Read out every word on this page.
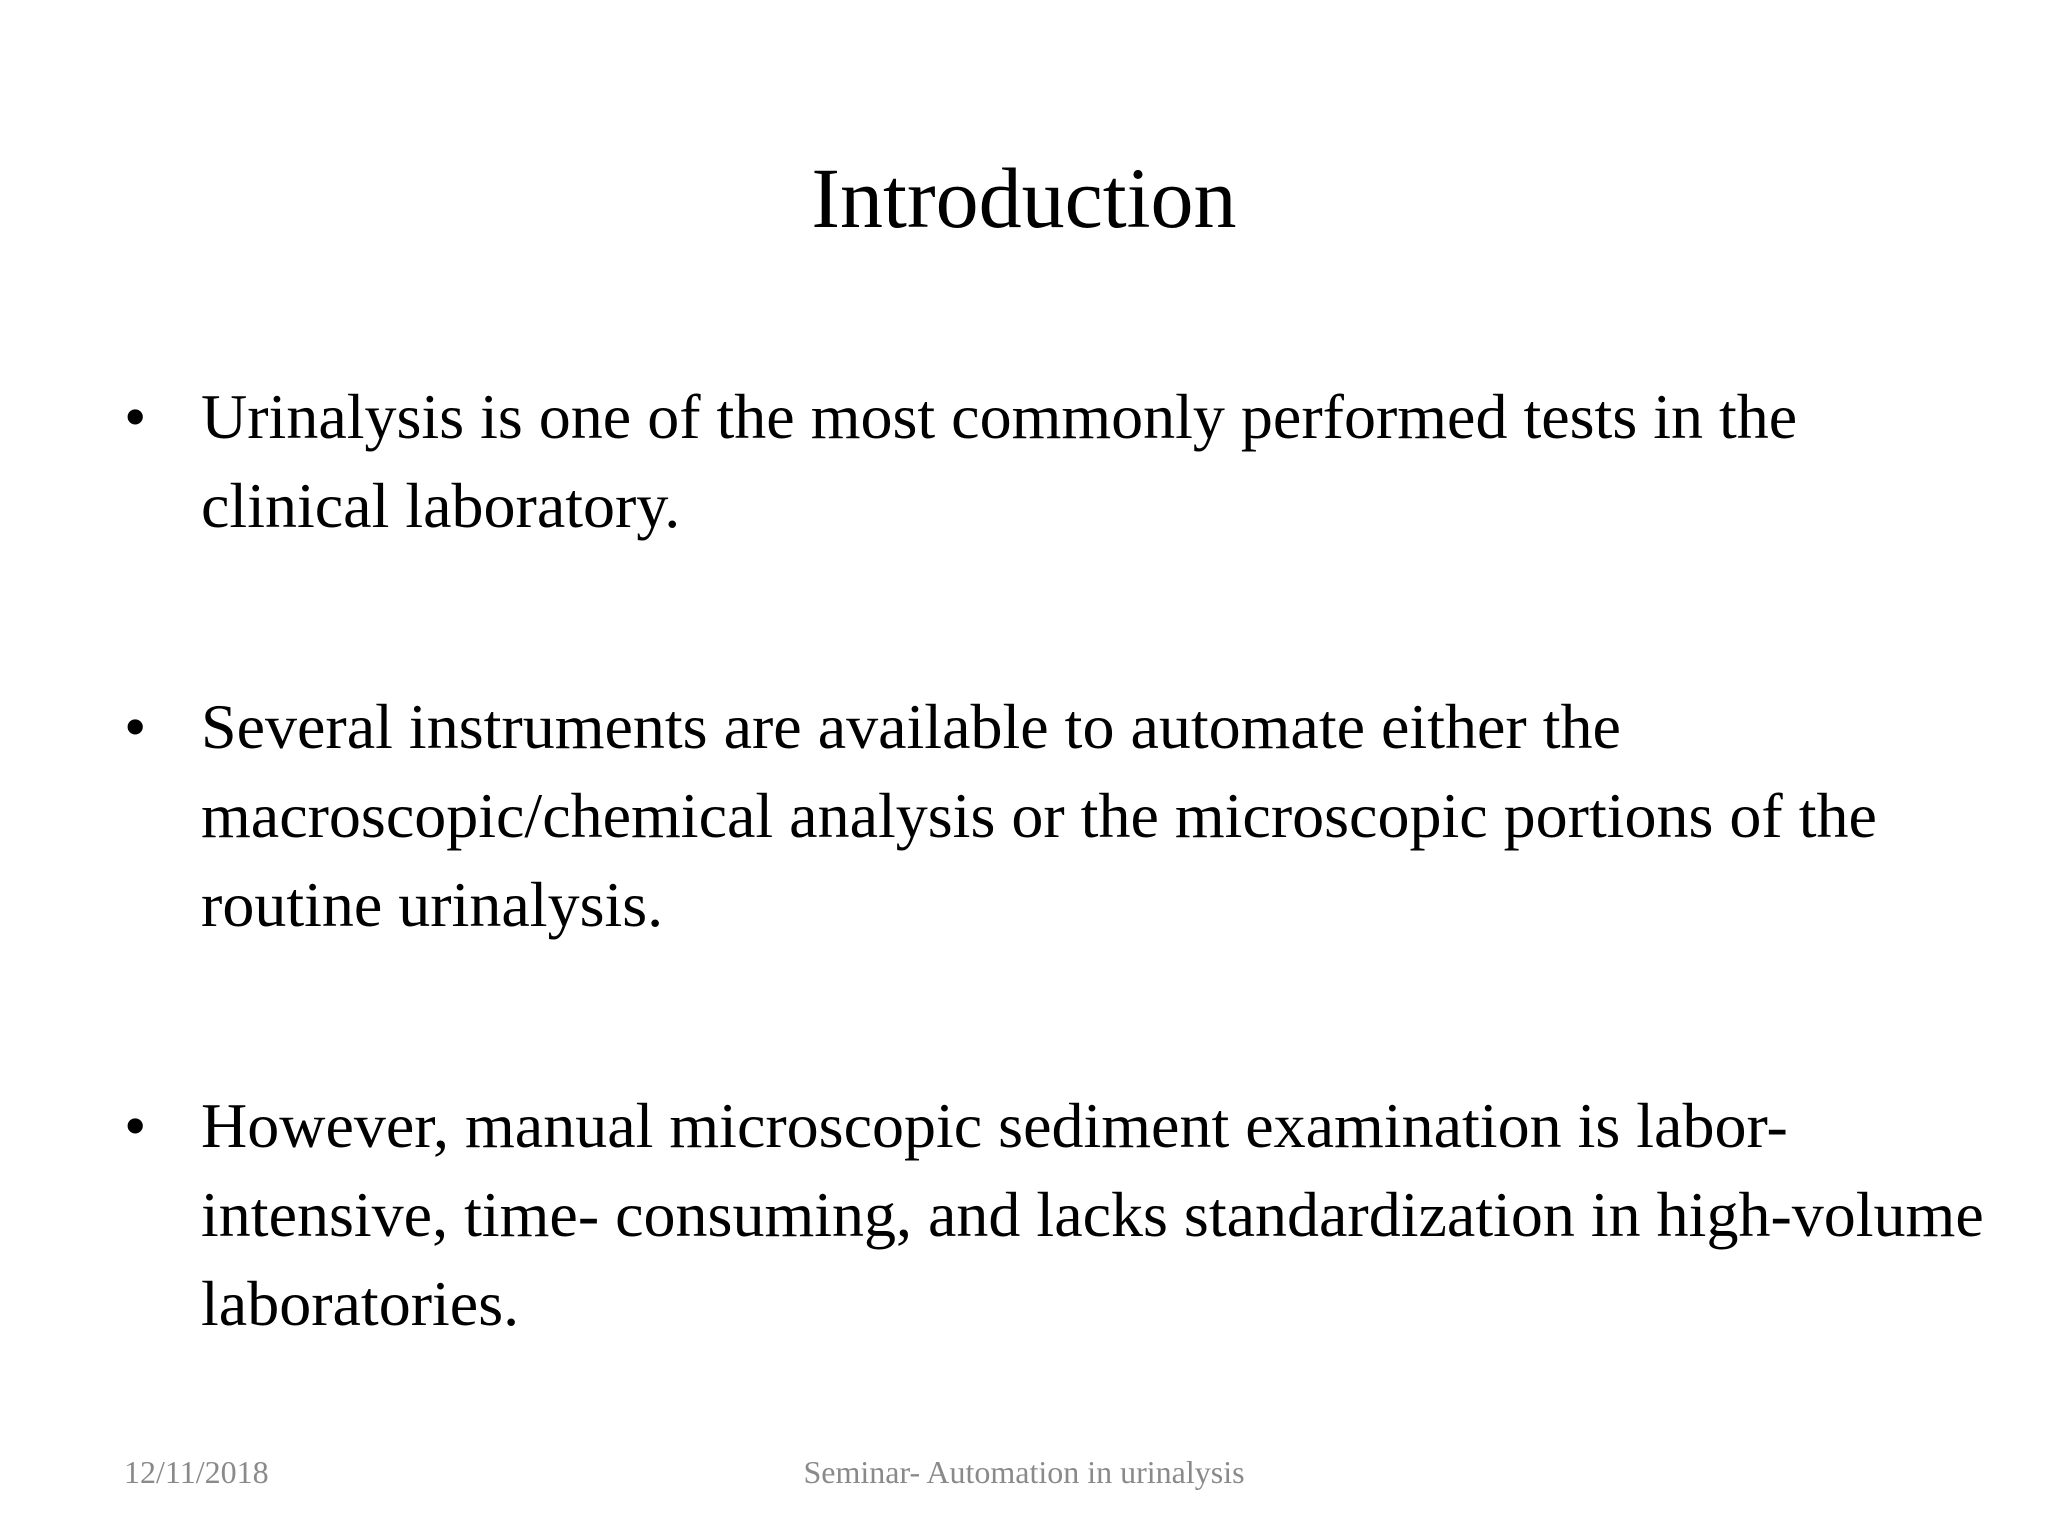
Introduction
• Urinalysis is one of the most commonly performed tests in the clinical laboratory.
• Several instruments are available to automate either the macroscopic/chemical analysis or the microscopic portions of the routine urinalysis.
• However, manual microscopic sediment examination is labor-intensive, time- consuming, and lacks standardization in high-volume laboratories.
12/11/2018	Seminar- Automation in urinalysis
